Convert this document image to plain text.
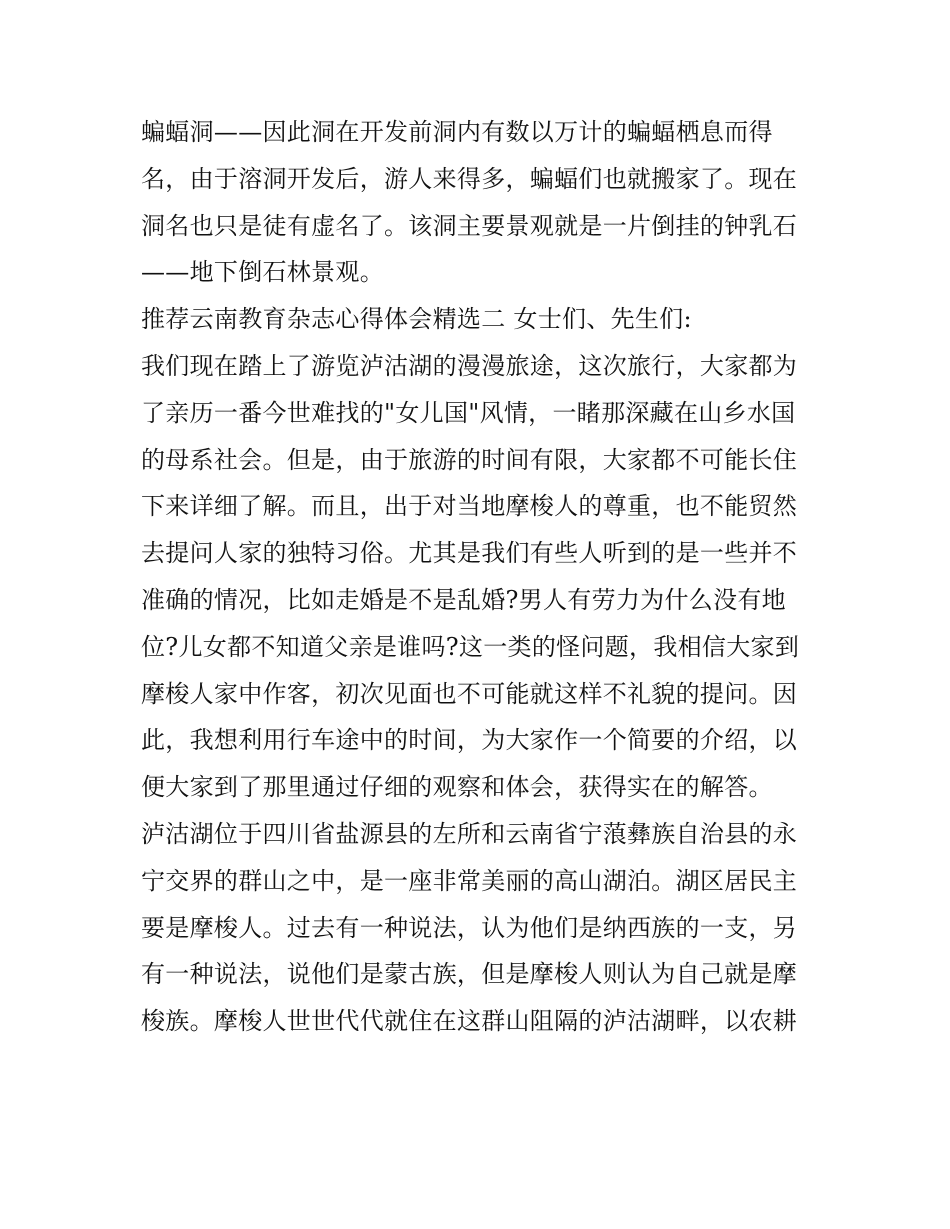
蝙蝠洞——因此洞在开发前洞内有数以万计的蝙蝠栖息而得
名，由于溶洞开发后，游人来得多，蝙蝠们也就搬家了。现在
洞名也只是徒有虚名了。该洞主要景观就是一片倒挂的钟乳石
——地下倒石林景观。

推荐云南教育杂志心得体会精选二 女士们、先生们:

我们现在踏上了游览泸沽湖的漫漫旅途，这次旅行，大家都为
了亲历一番今世难找的"女儿国"风情，一睹那深藏在山乡水国
的母系社会。但是，由于旅游的时间有限，大家都不可能长住
下来详细了解。而且，出于对当地摩梭人的尊重，也不能贸然
去提问人家的独特习俗。尤其是我们有些人听到的是一些并不
准确的情况，比如走婚是不是乱婚?男人有劳力为什么没有地
位?儿女都不知道父亲是谁吗?这一类的怪问题，我相信大家到
摩梭人家中作客，初次见面也不可能就这样不礼貌的提问。因
此，我想利用行车途中的时间，为大家作一个简要的介绍，以
便大家到了那里通过仔细的观察和体会，获得实在的解答。

泸沽湖位于四川省盐源县的左所和云南省宁蒗彝族自治县的永
宁交界的群山之中，是一座非常美丽的高山湖泊。湖区居民主
要是摩梭人。过去有一种说法，认为他们是纳西族的一支，另
有一种说法，说他们是蒙古族，但是摩梭人则认为自己就是摩
梭族。摩梭人世世代代就住在这群山阻隔的泸沽湖畔，以农耕
